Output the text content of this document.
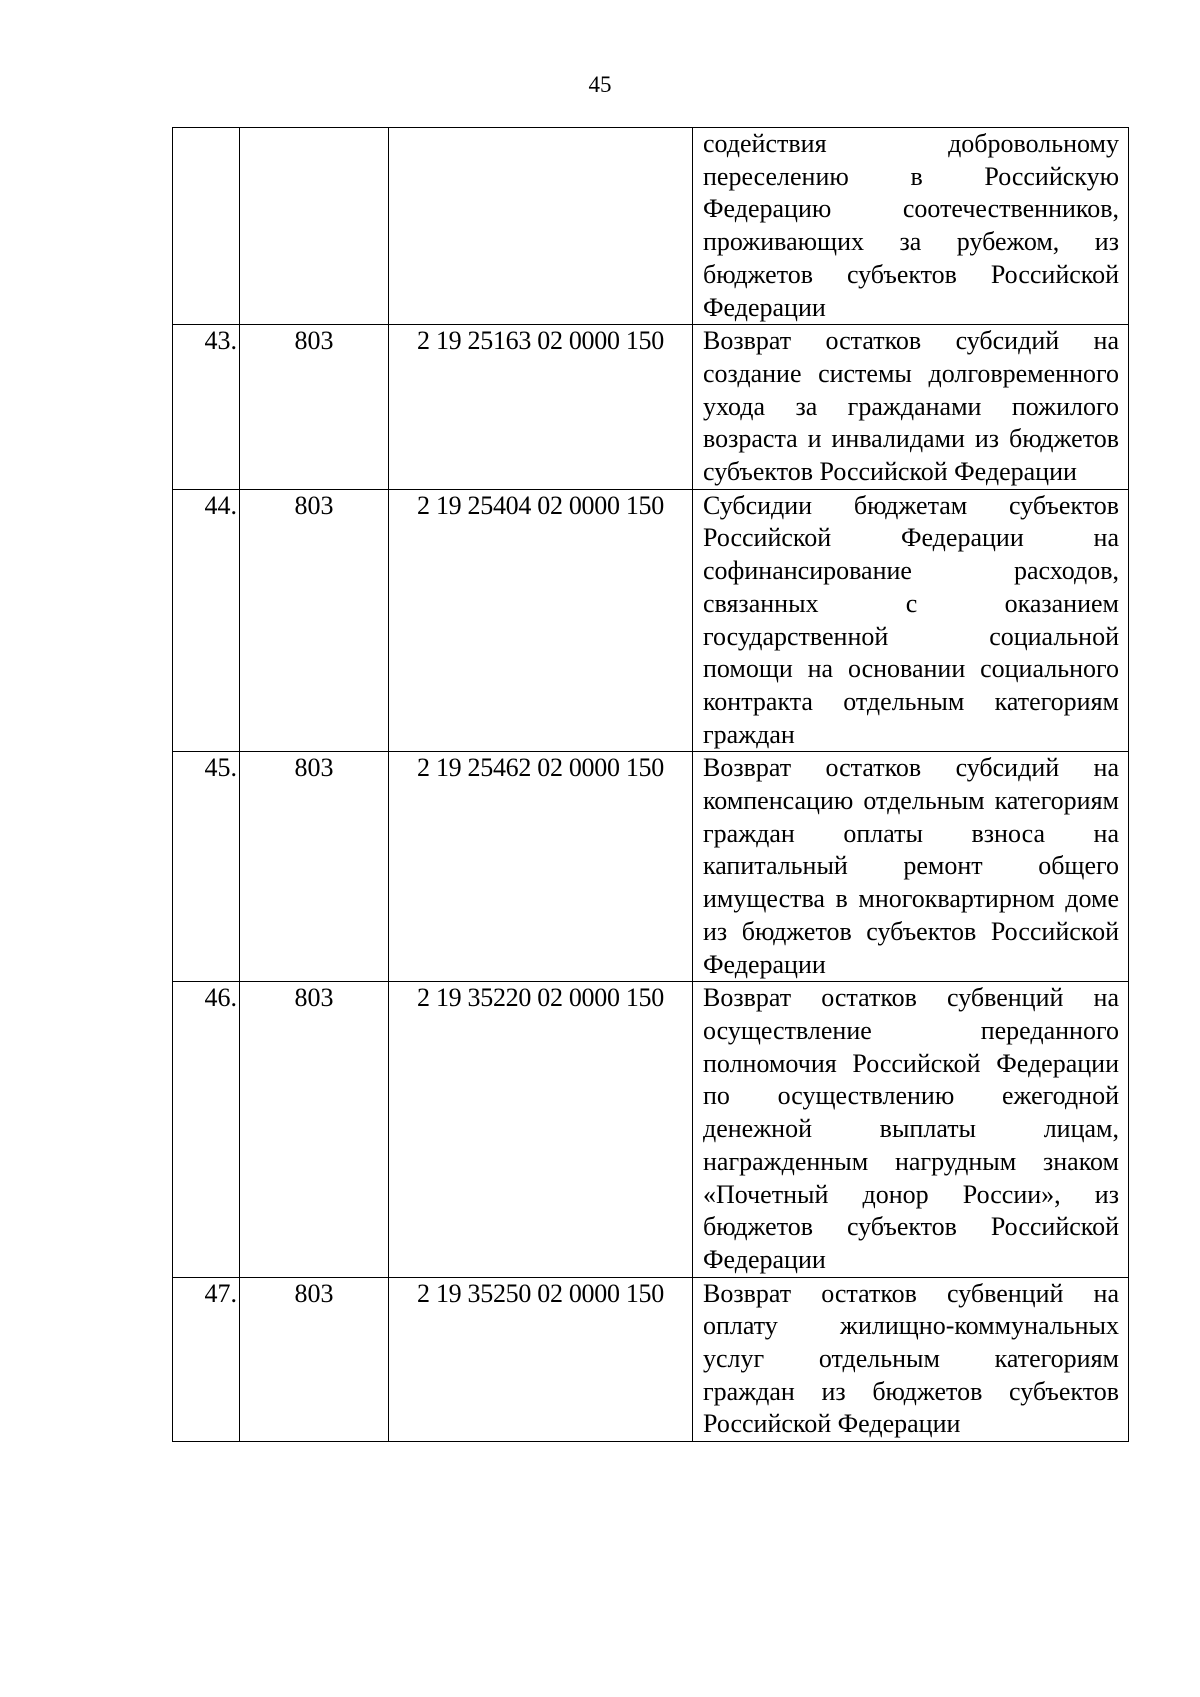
45
			содействия добровольному переселению в Российскую Федерацию соотечественников, проживающих за рубежом, из бюджетов субъектов Российской Федерации
43.	803	2 19 25163 02 0000 150	Возврат остатков субсидий на создание системы долговременного ухода за гражданами пожилого возраста и инвалидами из бюджетов субъектов Российской Федерации
44.	803	2 19 25404 02 0000 150	Субсидии бюджетам субъектов Российской Федерации на софинансирование расходов, связанных с оказанием государственной социальной помощи на основании социального контракта отдельным категориям граждан
45.	803	2 19 25462 02 0000 150	Возврат остатков субсидий на компенсацию отдельным категориям граждан оплаты взноса на капитальный ремонт общего имущества в многоквартирном доме из бюджетов субъектов Российской Федерации
46.	803	2 19 35220 02 0000 150	Возврат остатков субвенций на осуществление переданного полномочия Российской Федерации по осуществлению ежегодной денежной выплаты лицам, награжденным нагрудным знаком «Почетный донор России», из бюджетов субъектов Российской Федерации
47.	803	2 19 35250 02 0000 150	Возврат остатков субвенций на оплату жилищно-коммунальных услуг отдельным категориям граждан из бюджетов субъектов Российской Федерации
